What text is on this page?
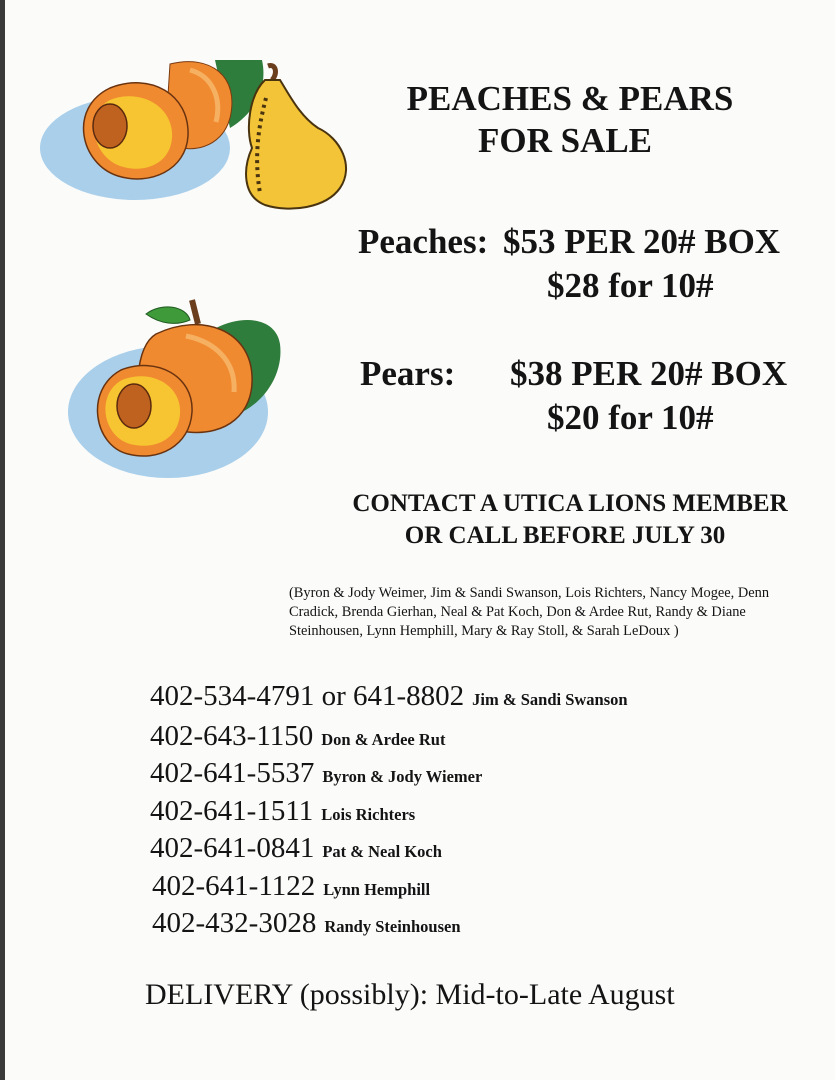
PEACHES & PEARS
FOR SALE
Peaches: $53 PER 20# BOX
$28 for 10#
Pears: $38 PER 20# BOX
$20 for 10#
CONTACT A UTICA LIONS MEMBER
OR CALL BEFORE JULY 30
(Byron & Jody Weimer, Jim & Sandi Swanson, Lois Richters, Nancy Mogee, Denn
Cradick, Brenda Gierhan, Neal & Pat Koch, Don & Ardee Rut, Randy & Diane
Steinhousen, Lynn Hemphill, Mary & Ray Stoll, & Sarah LeDoux )
402-534-4791 or 641-8802 Jim & Sandi Swanson
402-643-1150 Don & Ardee Rut
402-641-5537 Byron & Jody Wiemer
402-641-1511 Lois Richters
402-641-0841 Pat & Neal Koch
402-641-1122 Lynn Hemphill
402-432-3028 Randy Steinhousen
DELIVERY (possibly): Mid-to-Late August
